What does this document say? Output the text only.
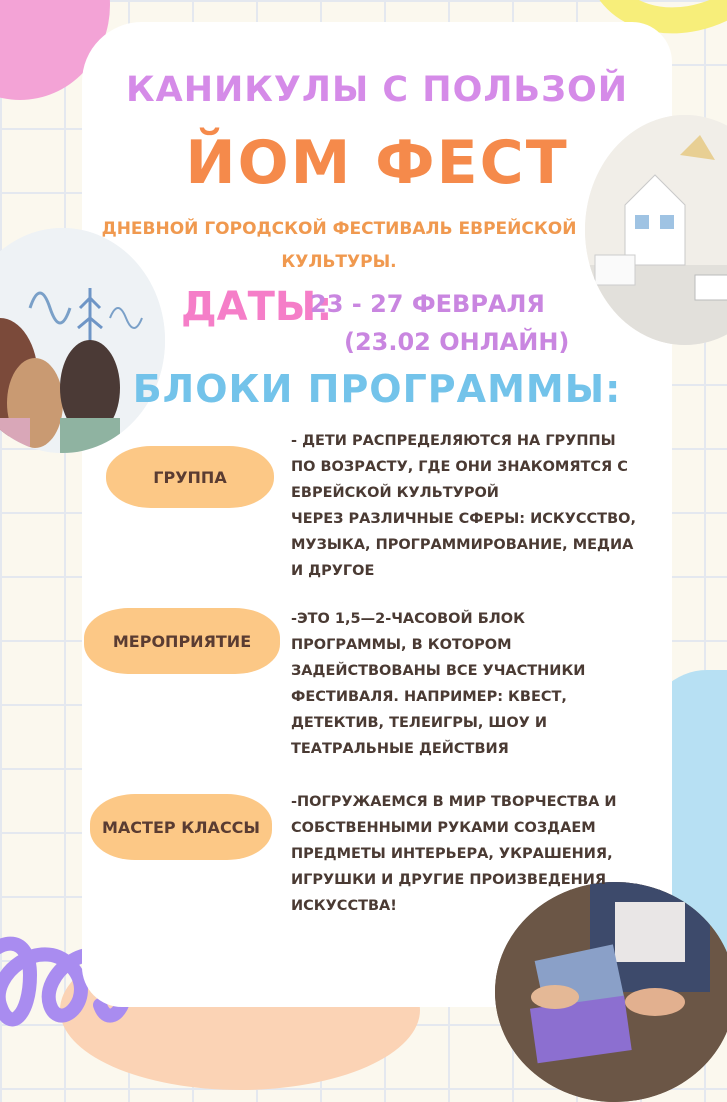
КАНИКУЛЫ С ПОЛЬЗОЙ
ЙОМ ФЕСТ
ДНЕВНОЙ ГОРОДСКОЙ ФЕСТИВАЛЬ ЕВРЕЙСКОЙ КУЛЬТУРЫ.
ДАТЫ:
23 - 27 ФЕВРАЛЯ
(23.02 ОНЛАЙН)
БЛОКИ ПРОГРАММЫ:
ГРУППА
- ДЕТИ РАСПРЕДЕЛЯЮТСЯ НА ГРУППЫ
ПО ВОЗРАСТУ, ГДЕ ОНИ ЗНАКОМЯТСЯ С
ЕВРЕЙСКОЙ КУЛЬТУРОЙ
ЧЕРЕЗ РАЗЛИЧНЫЕ СФЕРЫ: ИСКУССТВО,
МУЗЫКА, ПРОГРАММИРОВАНИЕ, МЕДИА
И ДРУГОЕ
МЕРОПРИЯТИЕ
-ЭТО 1,5—2-ЧАСОВОЙ БЛОК
ПРОГРАММЫ, В КОТОРОМ
ЗАДЕЙСТВОВАНЫ ВСЕ УЧАСТНИКИ
ФЕСТИВАЛЯ. НАПРИМЕР: КВЕСТ,
ДЕТЕКТИВ, ТЕЛЕИГРЫ, ШОУ И
ТЕАТРАЛЬНЫЕ ДЕЙСТВИЯ
МАСТЕР КЛАССЫ
-ПОГРУЖАЕМСЯ В МИР ТВОРЧЕСТВА И
СОБСТВЕННЫМИ РУКАМИ СОЗДАЕМ
ПРЕДМЕТЫ ИНТЕРЬЕРА, УКРАШЕНИЯ,
ИГРУШКИ И ДРУГИЕ ПРОИЗВЕДЕНИЯ
ИСКУССТВА!
